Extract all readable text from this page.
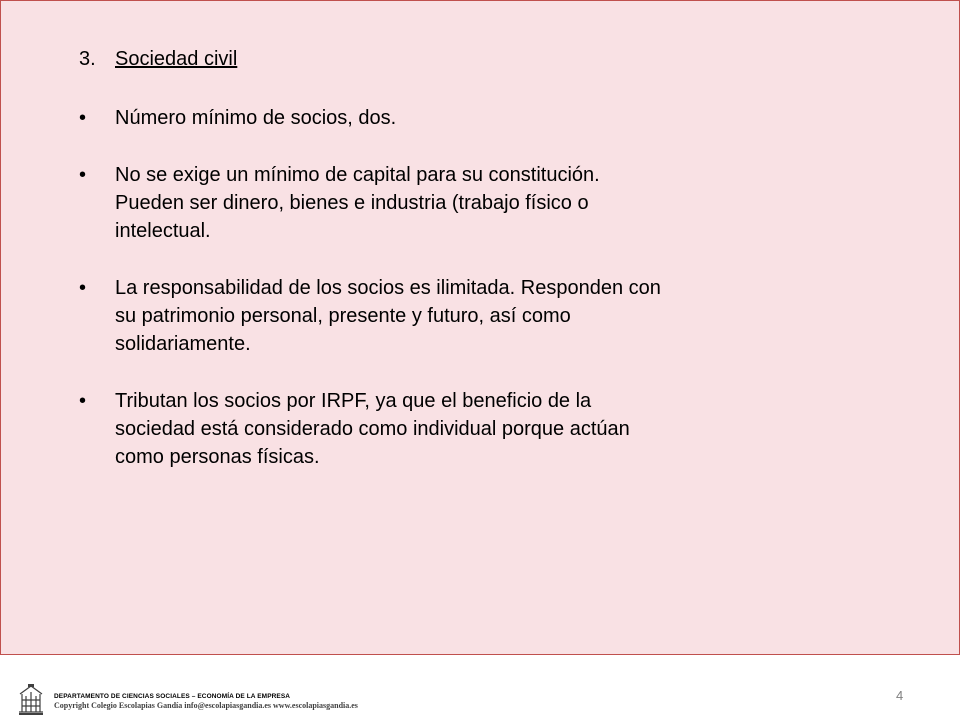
3. Sociedad civil
•	Número mínimo de socios, dos.
•	No se exige un mínimo de capital para su constitución.
Pueden ser dinero, bienes e industria (trabajo físico o
intelectual.
•	La responsabilidad de los socios es ilimitada. Responden con
su patrimonio personal, presente y futuro, así como
solidariamente.
•	Tributan los socios por IRPF, ya que el beneficio de la
sociedad está considerado como individual porque actúan
como personas físicas.
DEPARTAMENTO DE CIENCIAS SOCIALES – ECONOMÍA DE LA EMPRESA
Copyright Colegio Escolapias Gandía info@escolapiasgandia.es www.escolapiasgandia.es
4
